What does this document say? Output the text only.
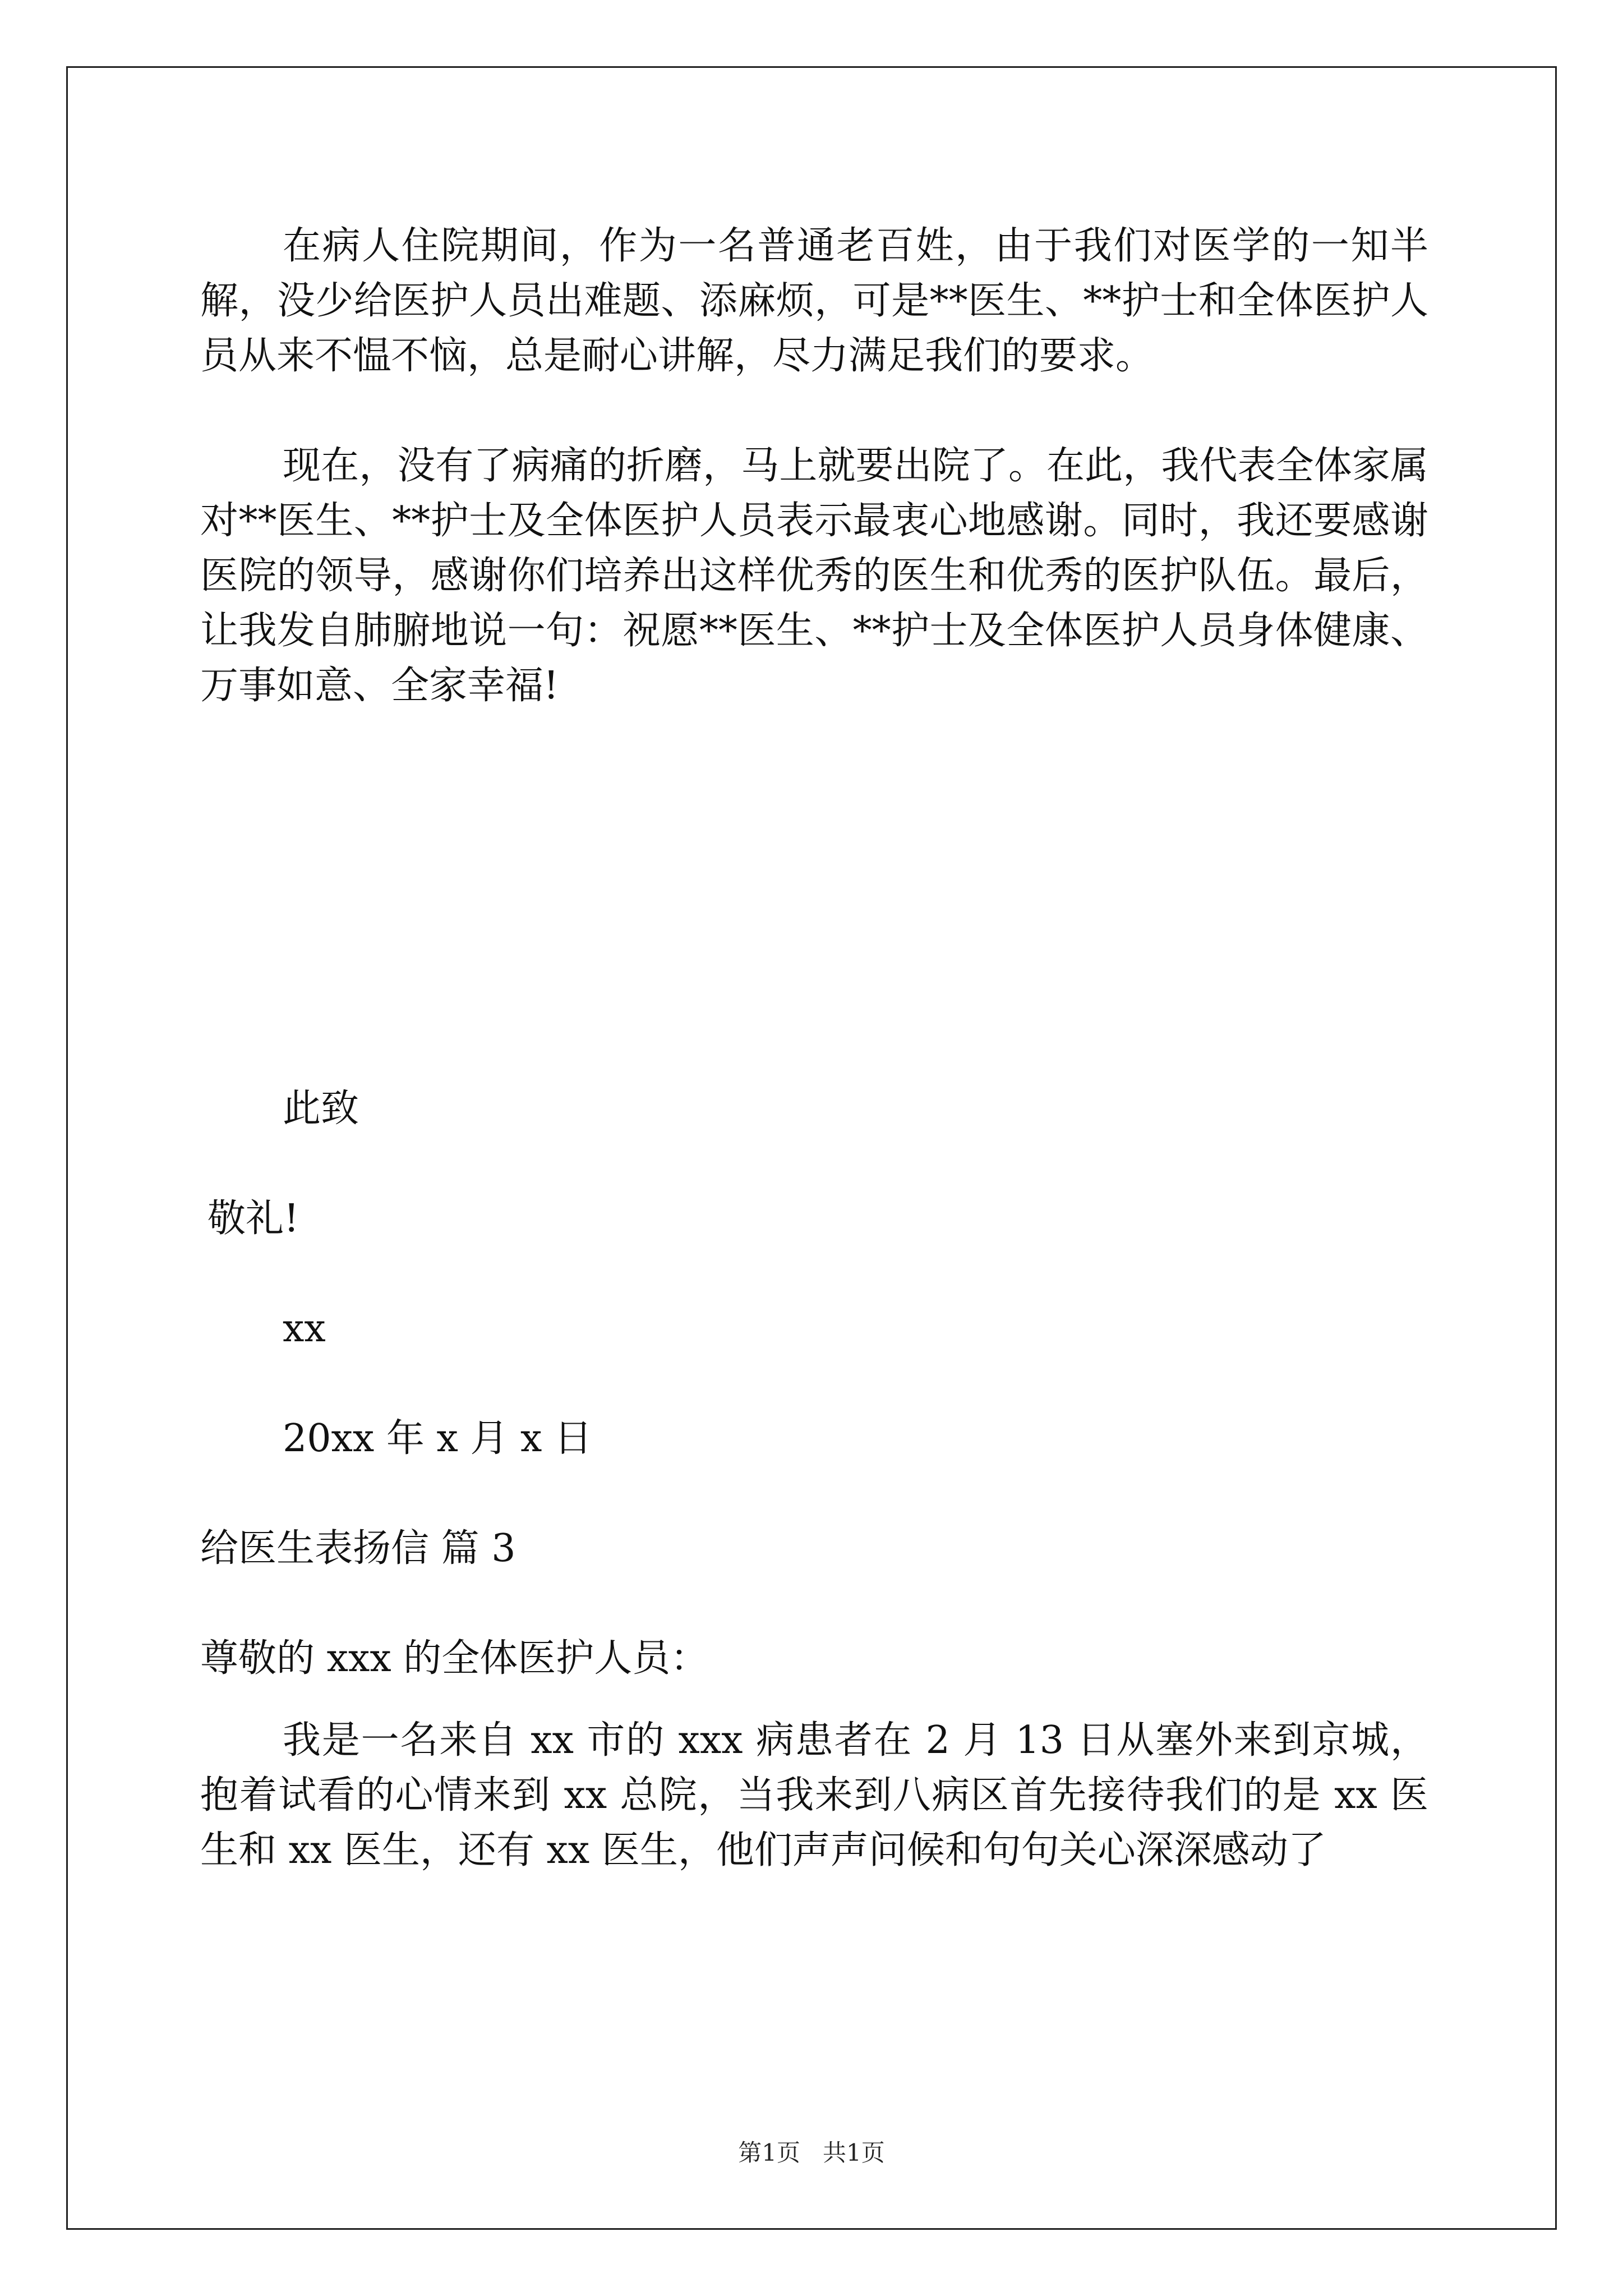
在病人住院期间，作为一名普通老百姓，由于我们对医学的一知半解，没少给医护人员出难题、添麻烦，可是**医生、**护士和全体医护人员从来不愠不恼，总是耐心讲解，尽力满足我们的要求。

现在，没有了病痛的折磨，马上就要出院了。在此，我代表全体家属对**医生、**护士及全体医护人员表示最衷心地感谢。同时，我还要感谢医院的领导，感谢你们培养出这样优秀的医生和优秀的医护队伍。最后，让我发自肺腑地说一句：祝愿**医生、**护士及全体医护人员身体健康、万事如意、全家幸福!

此致
敬礼!
xx
20xx 年 x 月 x 日
给医生表扬信 篇 3
尊敬的 xxx 的全体医护人员：

我是一名来自 xx 市的 xxx 病患者在 2 月 13 日从塞外来到京城，抱着试看的心情来到 xx 总院，当我来到八病区首先接待我们的是 xx 医生和 xx 医生，还有 xx 医生，他们声声问候和句句关心深深感动了

第1页 共1页
